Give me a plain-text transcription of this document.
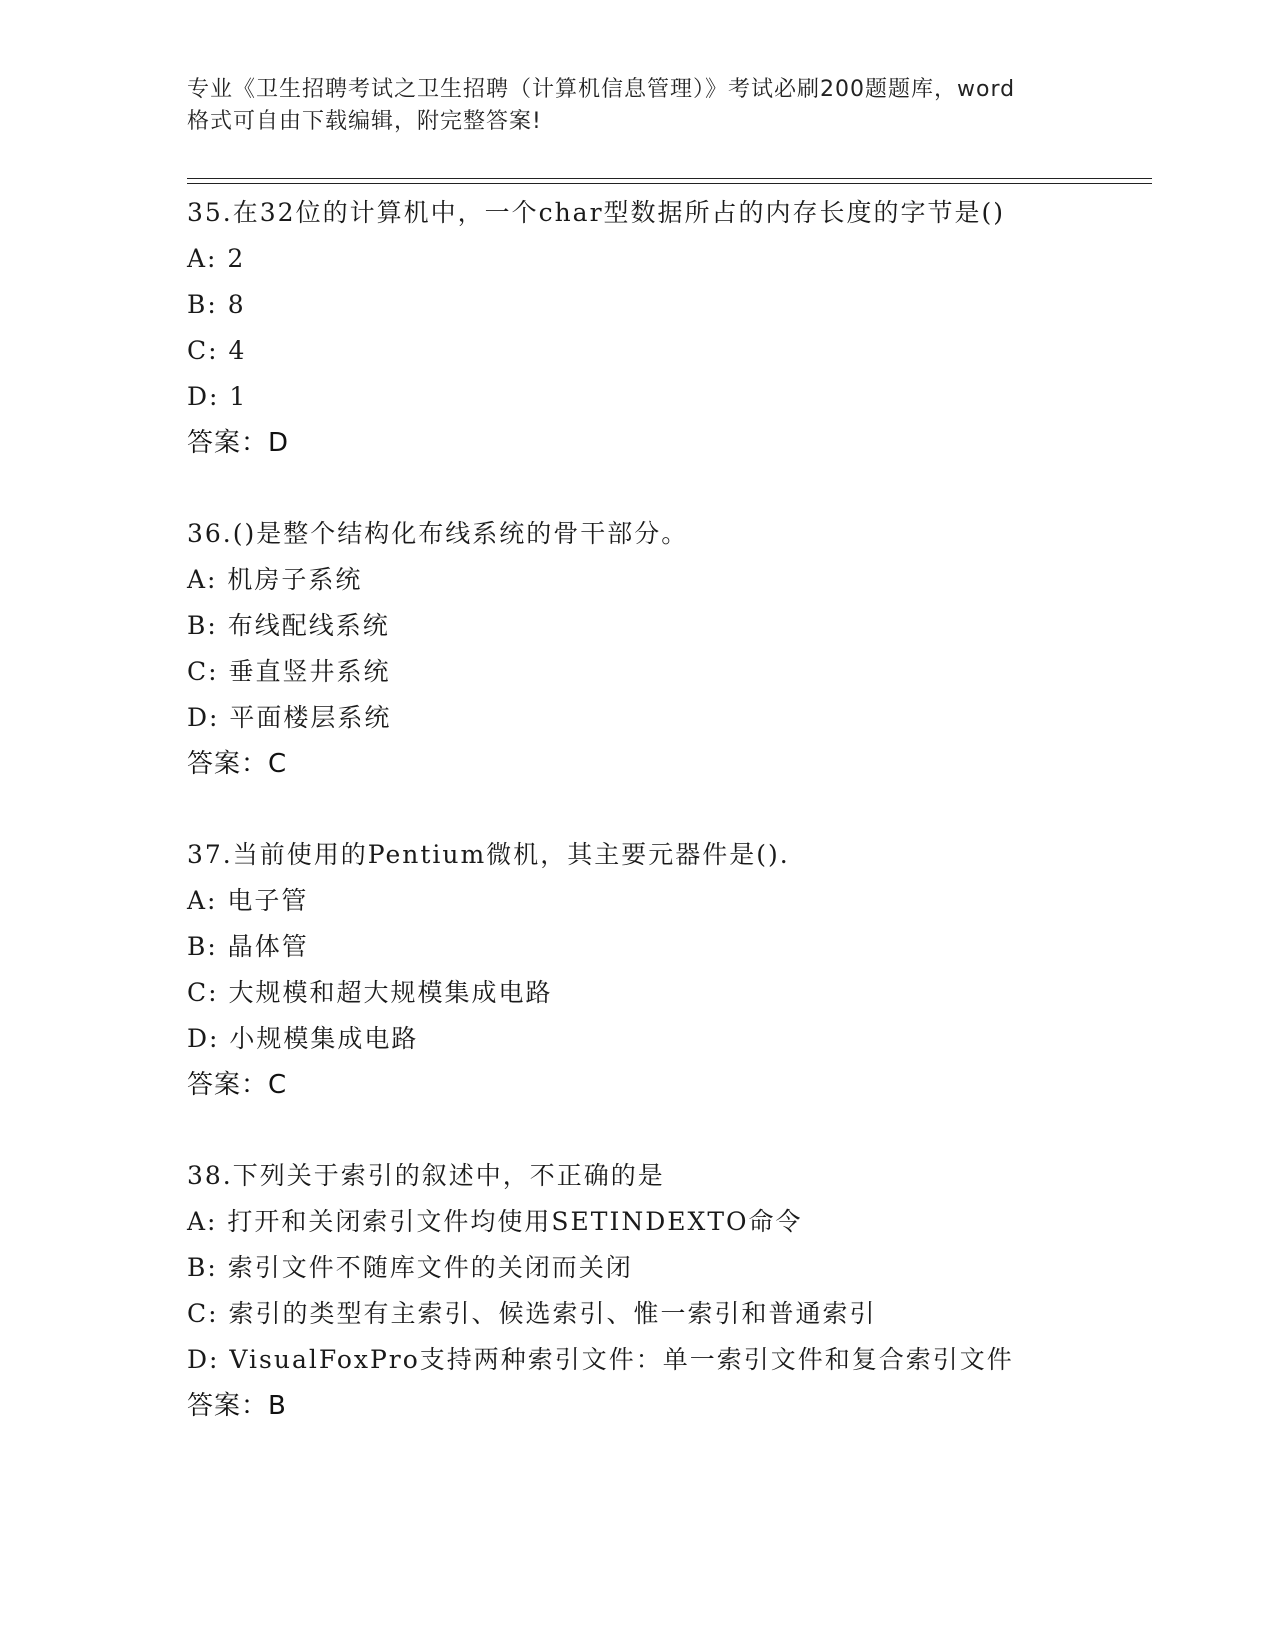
专业《卫生招聘考试之卫生招聘（计算机信息管理）》考试必刷200题题库，word
格式可自由下载编辑，附完整答案!
35.在32位的计算机中，一个char型数据所占的内存长度的字节是()
A: 2
B: 8
C: 4
D: 1
答案：D
36.()是整个结构化布线系统的骨干部分。
A: 机房子系统
B: 布线配线系统
C: 垂直竖井系统
D: 平面楼层系统
答案：C
37.当前使用的Pentium微机，其主要元器件是().
A: 电子管
B: 晶体管
C: 大规模和超大规模集成电路
D: 小规模集成电路
答案：C
38.下列关于索引的叙述中，不正确的是
A: 打开和关闭索引文件均使用SETINDEXTO命令
B: 索引文件不随库文件的关闭而关闭
C: 索引的类型有主索引、候选索引、惟一索引和普通索引
D: VisualFoxPro支持两种索引文件：单一索引文件和复合索引文件
答案：B
